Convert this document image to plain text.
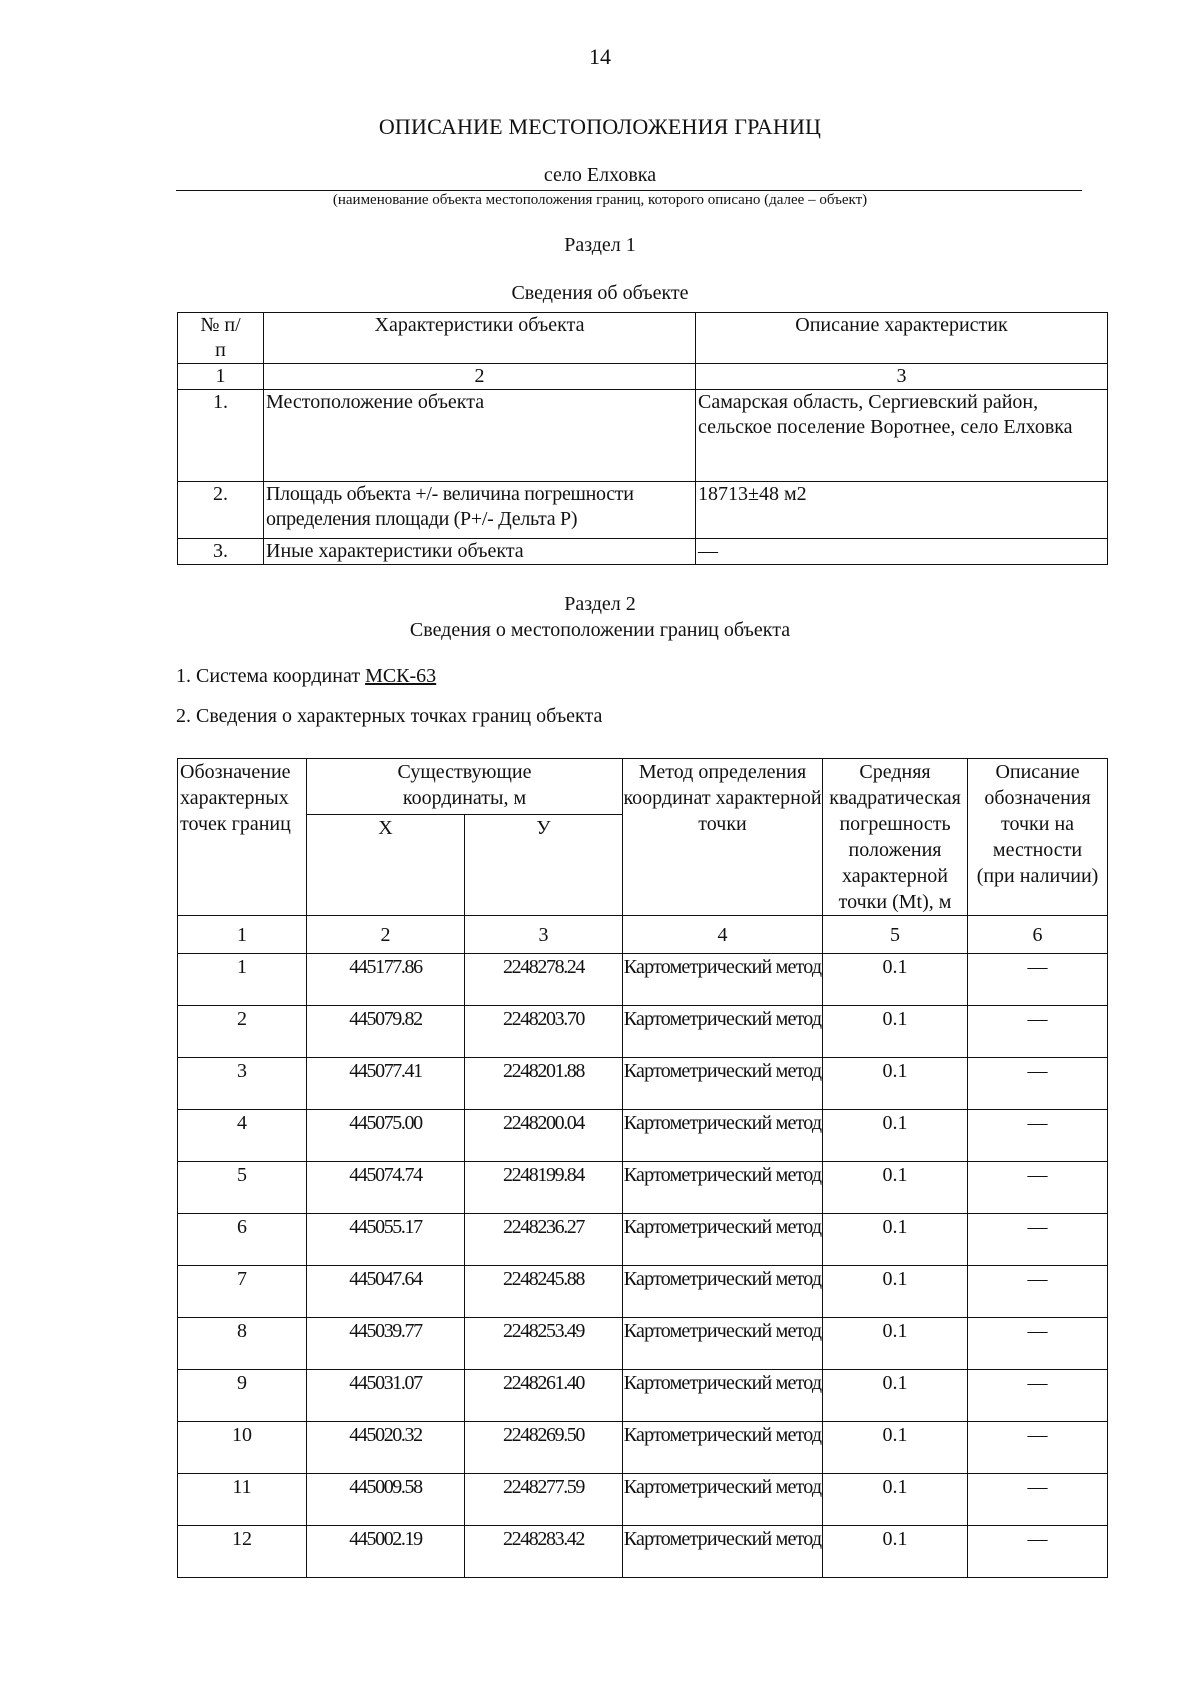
14
ОПИСАНИЕ МЕСТОПОЛОЖЕНИЯ ГРАНИЦ
село Елховка
(наименование объекта местоположения границ, которого описано (далее – объект)
Раздел 1
Сведения об объекте
№ п/п	Характеристики объекта	Описание характеристик
1	2	3
1.	Местоположение объекта	Самарская область, Сергиевский район, сельское поселение Воротнее, село Елховка
2.	Площадь объекта +/- величина погрешности определения площади (Р+/- Дельта Р)	18713±48 м2
3.	Иные характеристики объекта	—
Раздел 2
Сведения о местоположении границ объекта
1. Система координат МСК-63
2. Сведения о характерных точках границ объекта
Обозначение характерных точек границ	Существующие координаты, м		Метод определения координат характерной точки	Средняя квадратическая погрешность положения характерной точки (Mt), м	Описание обозначения точки на местности (при наличии)
	X	У			
1	2	3	4	5	6
1	445177.86	2248278.24	Картометрический метод	0.1	—
2	445079.82	2248203.70	Картометрический метод	0.1	—
3	445077.41	2248201.88	Картометрический метод	0.1	—
4	445075.00	2248200.04	Картометрический метод	0.1	—
5	445074.74	2248199.84	Картометрический метод	0.1	—
6	445055.17	2248236.27	Картометрический метод	0.1	—
7	445047.64	2248245.88	Картометрический метод	0.1	—
8	445039.77	2248253.49	Картометрический метод	0.1	—
9	445031.07	2248261.40	Картометрический метод	0.1	—
10	445020.32	2248269.50	Картометрический метод	0.1	—
11	445009.58	2248277.59	Картометрический метод	0.1	—
12	445002.19	2248283.42	Картометрический метод	0.1	—
